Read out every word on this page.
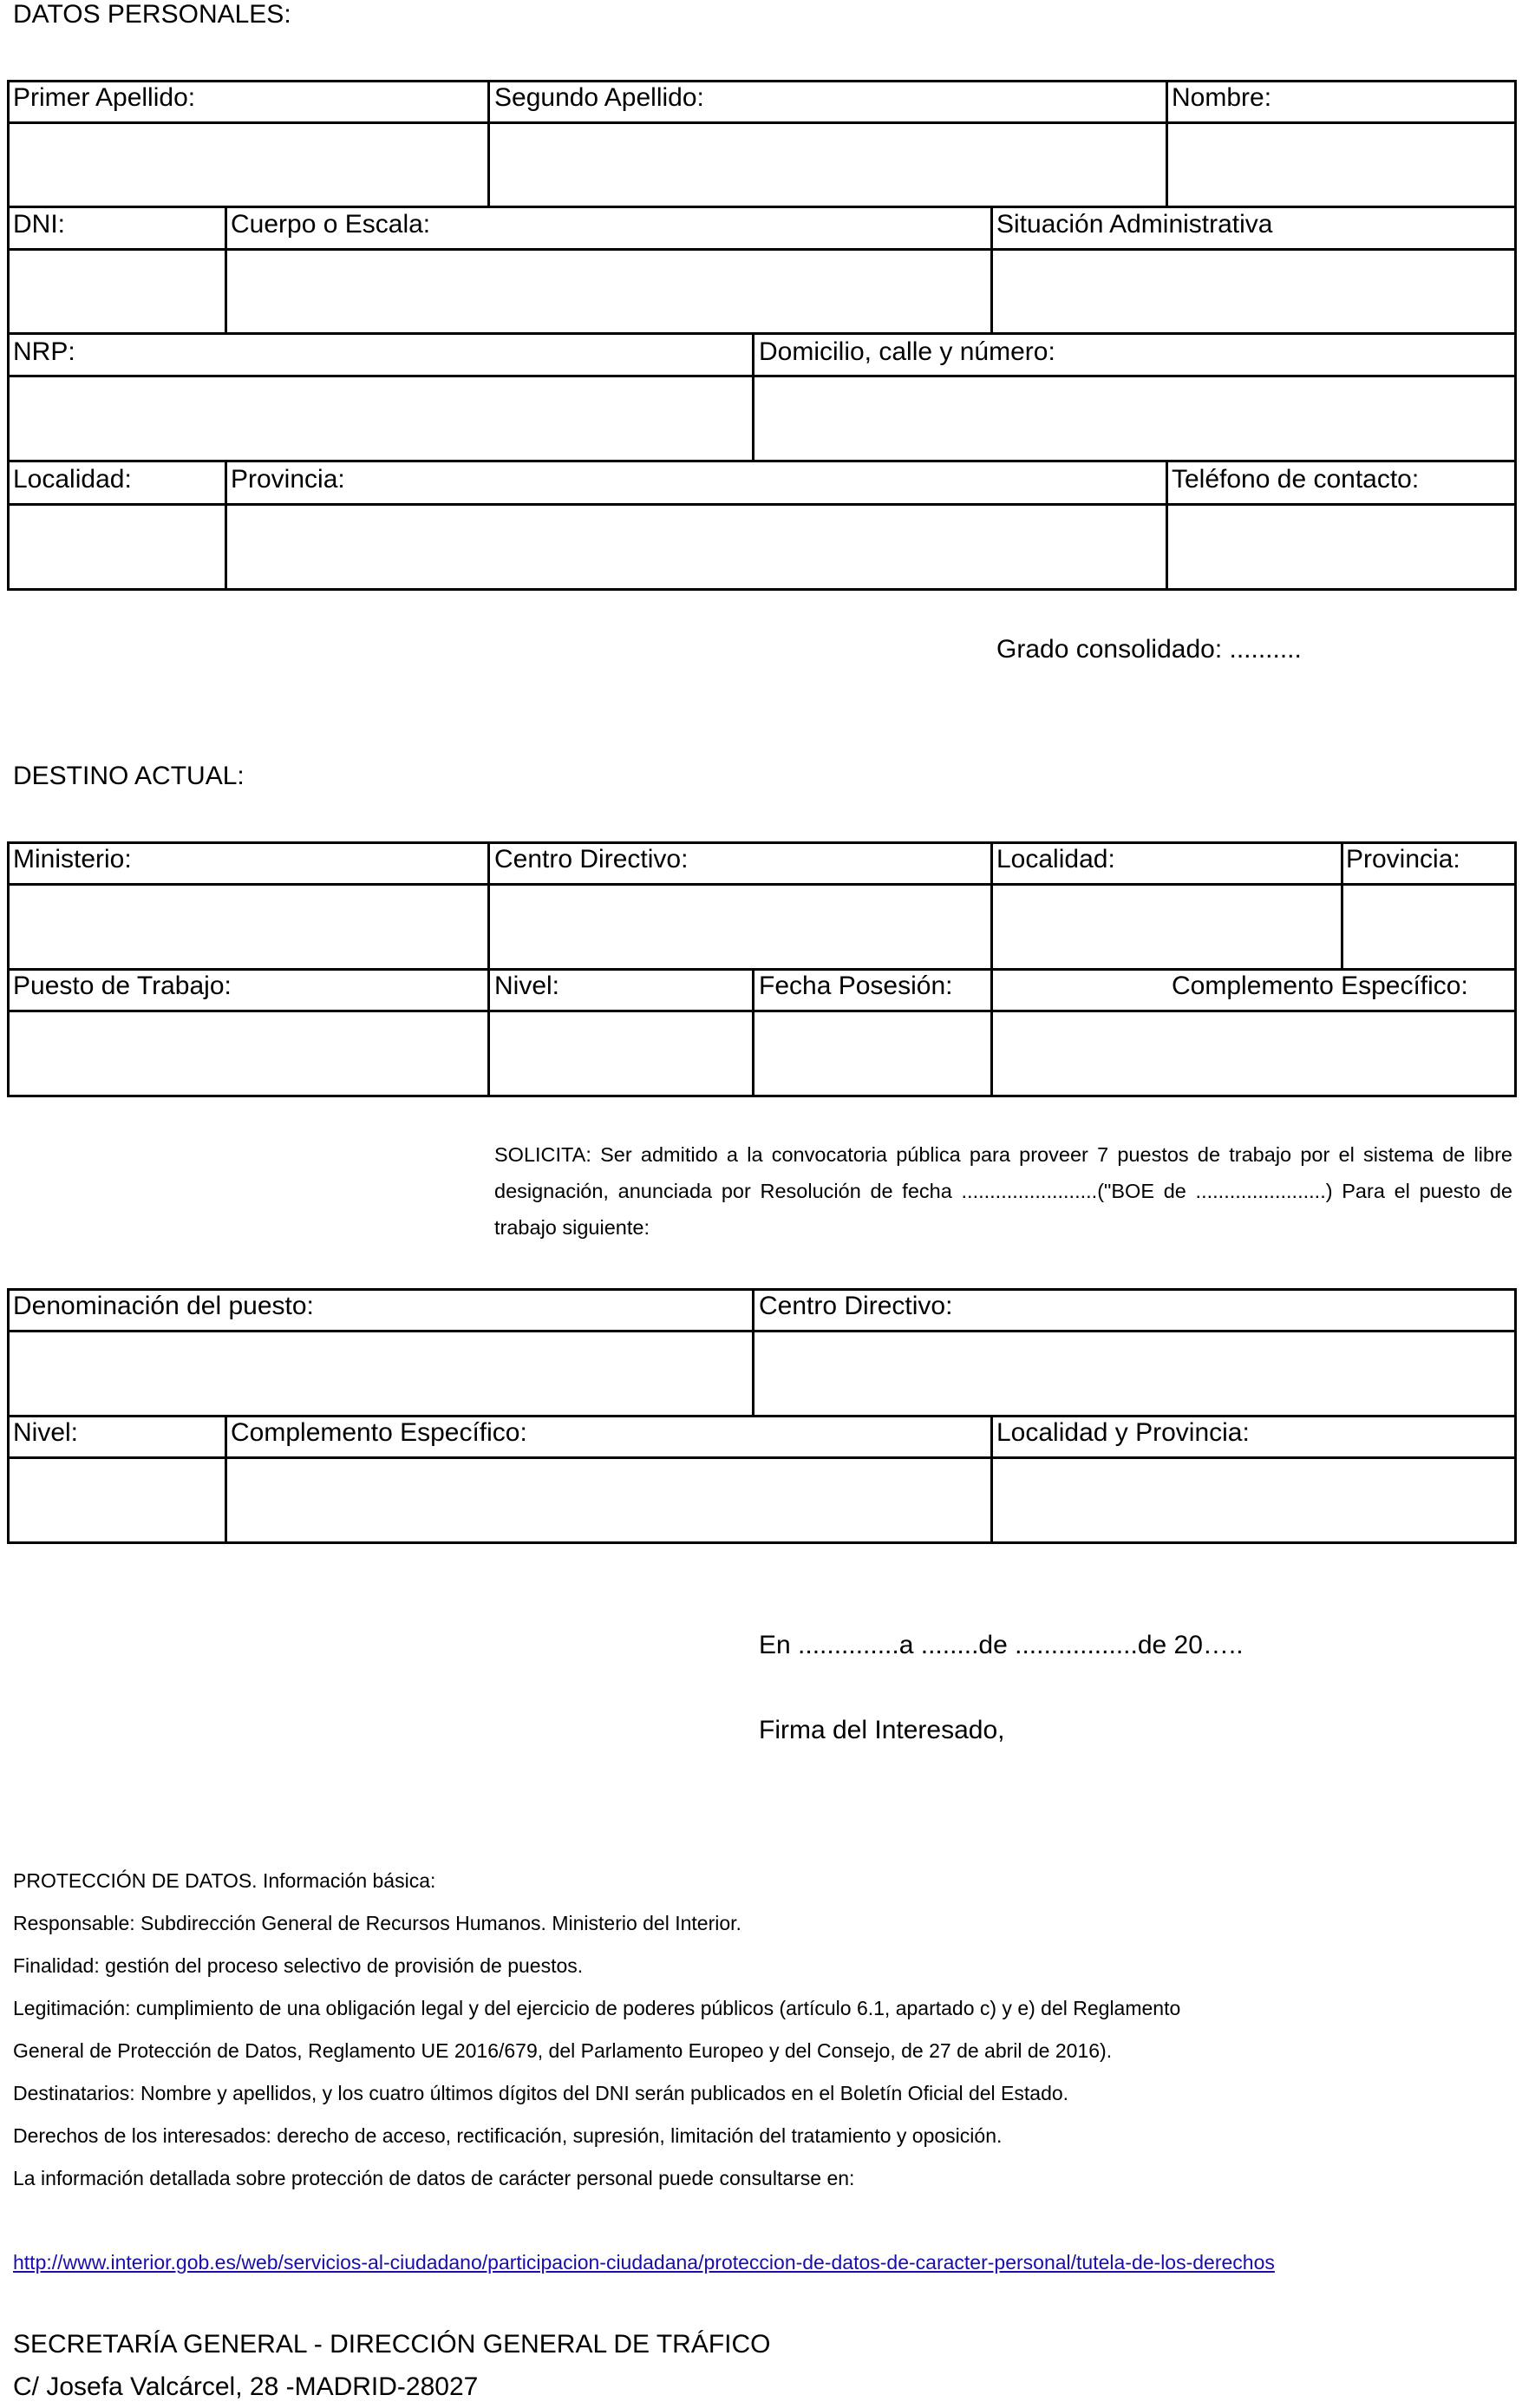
DATOS PERSONALES:
Primer Apellido:	Segundo Apellido:	Nombre:
DNI:	Cuerpo o Escala:	Situación Administrativa
NRP:	Domicilio, calle y número:
Localidad:	Provincia:	Teléfono de contacto:
Grado consolidado: ..........
DESTINO ACTUAL:
Ministerio:	Centro Directivo:	Localidad:	Provincia:
Puesto de Trabajo:	Nivel:	Fecha Posesión:	Complemento Específico:
SOLICITA: Ser admitido a la convocatoria pública para proveer 7 puestos de trabajo por el sistema de libre designación, anunciada por Resolución de fecha ........................("BOE de .......................) Para el puesto de trabajo siguiente:
Denominación del puesto:	Centro Directivo:
Nivel:	Complemento Específico:	Localidad y Provincia:
En ..............a ........de .................de 20…..
Firma del Interesado,
PROTECCIÓN DE DATOS. Información básica:
Responsable: Subdirección General de Recursos Humanos. Ministerio del Interior.
Finalidad: gestión del proceso selectivo de provisión de puestos.
Legitimación: cumplimiento de una obligación legal y del ejercicio de poderes públicos (artículo 6.1, apartado c) y e) del Reglamento
General de Protección de Datos, Reglamento UE 2016/679, del Parlamento Europeo y del Consejo, de 27 de abril de 2016).
Destinatarios: Nombre y apellidos, y los cuatro últimos dígitos del DNI serán publicados en el Boletín Oficial del Estado.
Derechos de los interesados: derecho de acceso, rectificación, supresión, limitación del tratamiento y oposición.
La información detallada sobre protección de datos de carácter personal puede consultarse en:
http://www.interior.gob.es/web/servicios-al-ciudadano/participacion-ciudadana/proteccion-de-datos-de-caracter-personal/tutela-de-los-derechos
SECRETARÍA GENERAL - DIRECCIÓN GENERAL DE TRÁFICO
C/ Josefa Valcárcel, 28 -MADRID-28027
